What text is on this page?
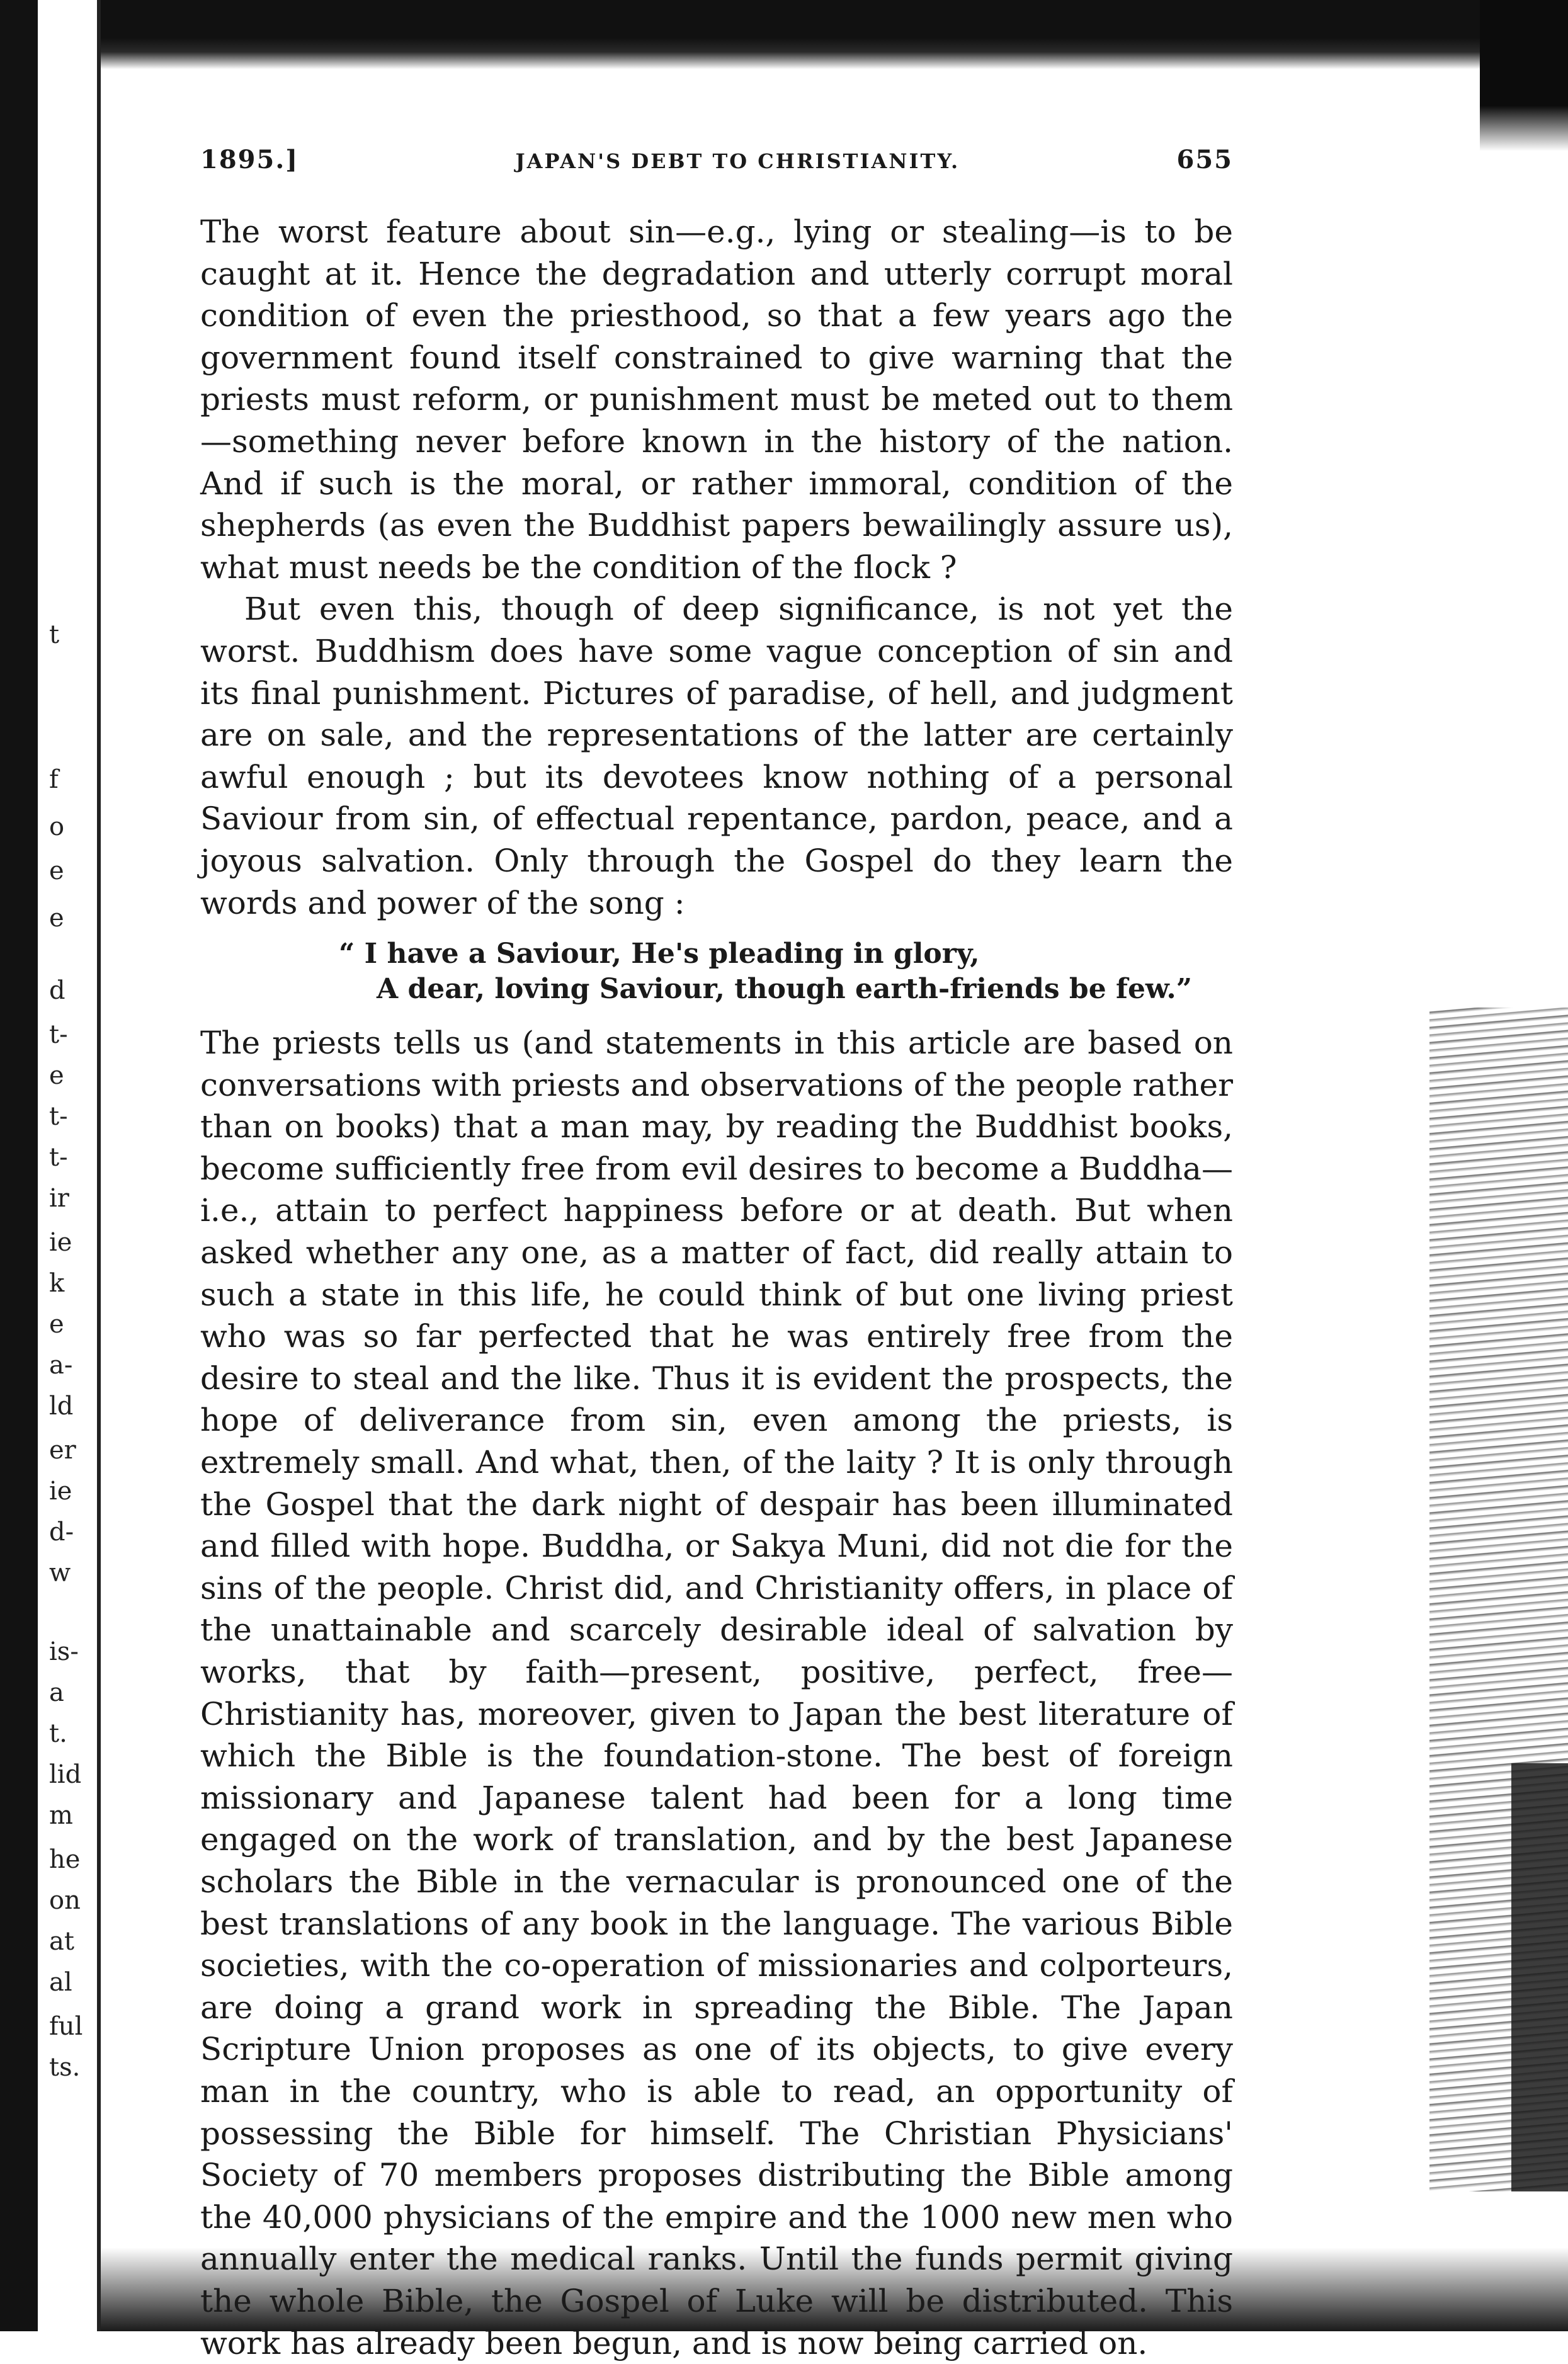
t
f
o
e
e
d
t-
e
t-
t-
ir
ie
k
e
a-
ld
er
ie
d-
w
is-
a
t.
lid
m
he
on
at
al
ful
ts.
1895.]	JAPAN'S DEBT TO CHRISTIANITY.	655

The worst feature about sin—e.g., lying or stealing—is to be caught at it. Hence the degradation and utterly corrupt moral condition of even the priesthood, so that a few years ago the government found itself constrained to give warning that the priests must reform, or punishment must be meted out to them—something never before known in the history of the nation. And if such is the moral, or rather immoral, condition of the shepherds (as even the Buddhist papers bewailingly assure us), what must needs be the condition of the flock ?

But even this, though of deep significance, is not yet the worst. Buddhism does have some vague conception of sin and its final punishment. Pictures of paradise, of hell, and judgment are on sale, and the representations of the latter are certainly awful enough ; but its devotees know nothing of a personal Saviour from sin, of effectual repentance, pardon, peace, and a joyous salvation. Only through the Gospel do they learn the words and power of the song :

“ I have a Saviour, He's pleading in glory,
A dear, loving Saviour, though earth-friends be few.”

The priests tells us (and statements in this article are based on conversations with priests and observations of the people rather than on books) that a man may, by reading the Buddhist books, become sufficiently free from evil desires to become a Buddha—i.e., attain to perfect happiness before or at death. But when asked whether any one, as a matter of fact, did really attain to such a state in this life, he could think of but one living priest who was so far perfected that he was entirely free from the desire to steal and the like. Thus it is evident the prospects, the hope of deliverance from sin, even among the priests, is extremely small. And what, then, of the laity ? It is only through the Gospel that the dark night of despair has been illuminated and filled with hope. Buddha, or Sakya Muni, did not die for the sins of the people. Christ did, and Christianity offers, in place of the unattainable and scarcely desirable ideal of salvation by works, that by faith—present, positive, perfect, free—Christianity has, moreover, given to Japan the best literature of which the Bible is the foundation-stone. The best of foreign missionary and Japanese talent had been for a long time engaged on the work of translation, and by the best Japanese scholars the Bible in the vernacular is pronounced one of the best translations of any book in the language. The various Bible societies, with the co-operation of missionaries and colporteurs, are doing a grand work in spreading the Bible. The Japan Scripture Union proposes as one of its objects, to give every man in the country, who is able to read, an opportunity of possessing the Bible for himself. The Christian Physicians' Society of 70 members proposes distributing the Bible among the 40,000 physicians of the empire and the 1000 new men who annually enter the medical ranks. Until the funds permit giving the whole Bible, the Gospel of Luke will be distributed. This work has already been begun, and is now being carried on.
